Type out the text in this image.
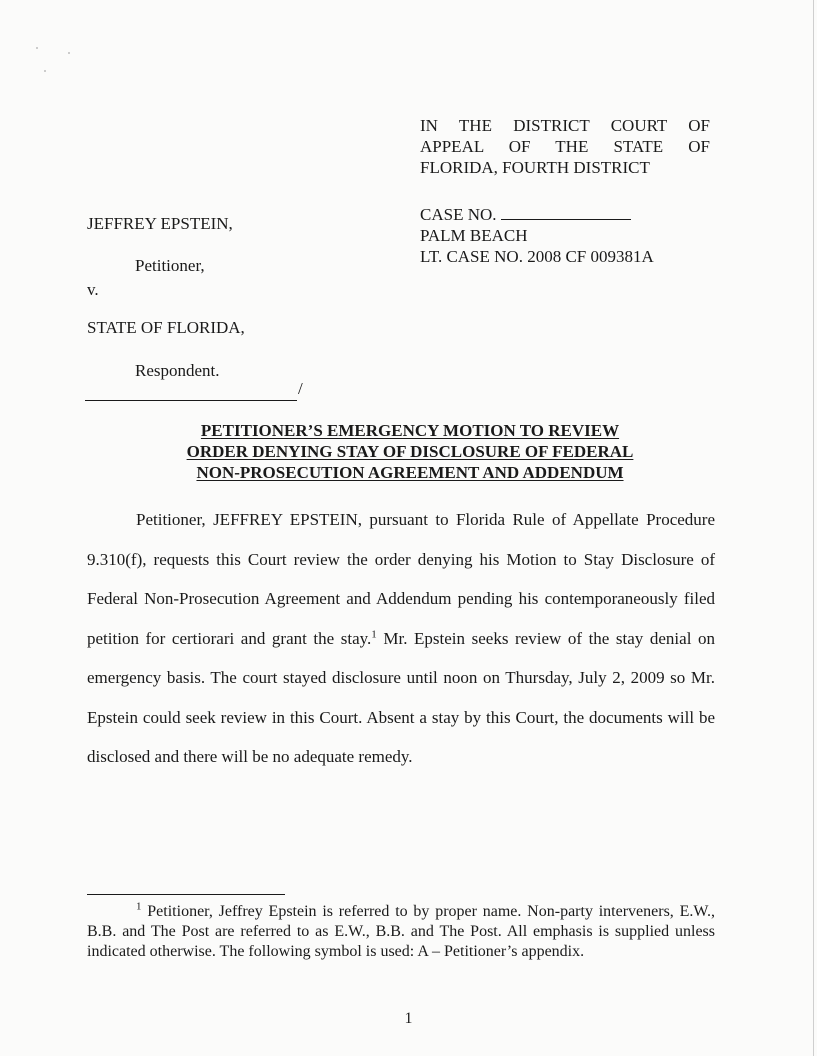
IN THE DISTRICT COURT OF
APPEAL OF THE STATE OF
FLORIDA, FOURTH DISTRICT
CASE NO.
PALM BEACH
LT. CASE NO. 2008 CF 009381A
JEFFREY EPSTEIN,
Petitioner,
v.
STATE OF FLORIDA,
Respondent.
/
PETITIONER’S EMERGENCY MOTION TO REVIEW
ORDER DENYING STAY OF DISCLOSURE OF FEDERAL
NON-PROSECUTION AGREEMENT AND ADDENDUM

Petitioner, JEFFREY EPSTEIN, pursuant to Florida Rule of Appellate Procedure 9.310(f), requests this Court review the order denying his Motion to Stay Disclosure of Federal Non-Prosecution Agreement and Addendum pending his contemporaneously filed petition for certiorari and grant the stay.$^1$ Mr. Epstein seeks review of the stay denial on emergency basis. The court stayed disclosure until noon on Thursday, July 2, 2009 so Mr. Epstein could seek review in this Court. Absent a stay by this Court, the documents will be disclosed and there will be no adequate remedy.

$^1$ Petitioner, Jeffrey Epstein is referred to by proper name. Non-party interveners, E.W., B.B. and The Post are referred to as E.W., B.B. and The Post. All emphasis is supplied unless indicated otherwise. The following symbol is used: A – Petitioner’s appendix.

1
